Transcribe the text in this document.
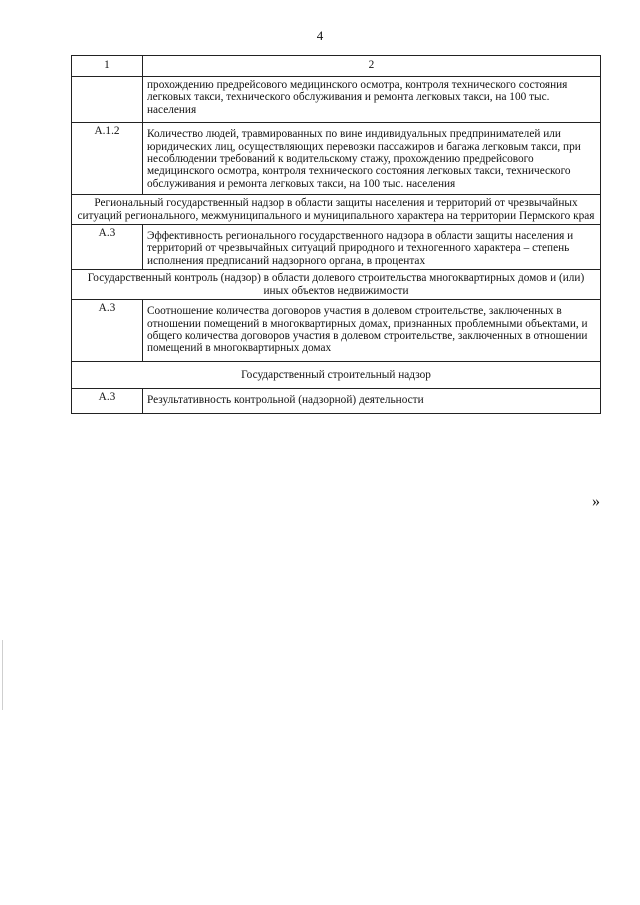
4
1	2
	прохождению предрейсового медицинского осмотра, контроля технического состояния легковых такси, технического обслуживания и ремонта легковых такси, на 100 тыс. населения
А.1.2	Количество людей, травмированных по вине индивидуальных предпринимателей или юридических лиц, осуществляющих перевозки пассажиров и багажа легковым такси, при несоблюдении требований к водительскому стажу, прохождению предрейсового медицинского осмотра, контроля технического состояния легковых такси, технического обслуживания и ремонта легковых такси, на 100 тыс. населения
Региональный государственный надзор в области защиты населения и территорий от чрезвычайных ситуаций регионального, межмуниципального и муниципального характера на территории Пермского края	
А.3	Эффективность регионального государственного надзора в области защиты населения и территорий от чрезвычайных ситуаций природного и техногенного характера – степень исполнения предписаний надзорного органа, в процентах
Государственный контроль (надзор) в области долевого строительства многоквартирных домов и (или) иных объектов недвижимости	
А.3	Соотношение количества договоров участия в долевом строительстве, заключенных в отношении помещений в многоквартирных домах, признанных проблемными объектами, и общего количества договоров участия в долевом строительстве, заключенных в отношении помещений в многоквартирных домах
Государственный строительный надзор	
А.3	Результативность контрольной (надзорной) деятельности
»
